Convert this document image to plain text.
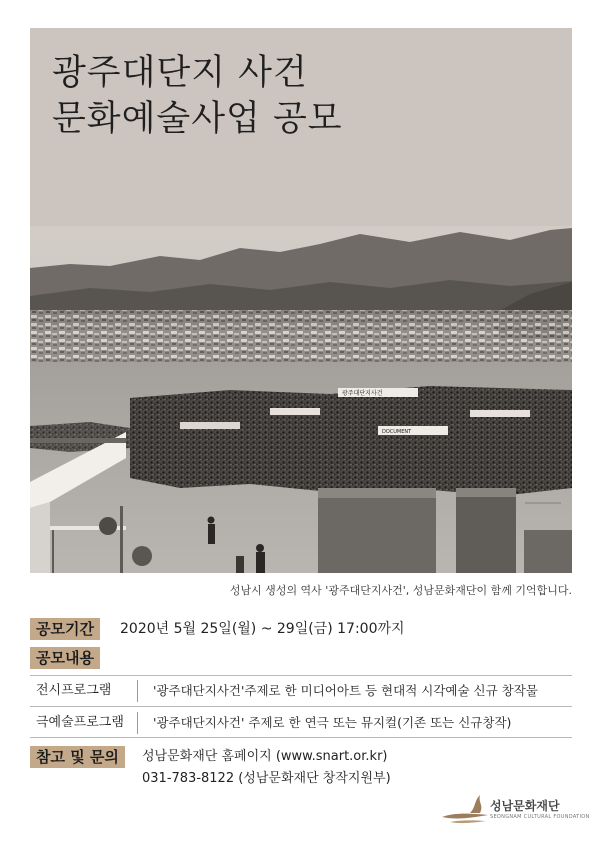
광주대단지 사건
문화예술사업 공모
광주대단지사건
DOCUMENT
성남시 생성의 역사 '광주대단지사건', 성남문화재단이 함께 기억합니다.
공모기간	2020년 5월 25일(월) ~ 29일(금) 17:00까지
공모내용
전시프로그램	'광주대단지사건'주제로 한 미디어아트 등 현대적 시각예술 신규 창작물
극예술프로그램 '광주대단지사건' 주제로 한 연극 또는 뮤지컬(기존 또는 신규창작)
참고 및 문의	성남문화재단 홈페이지 (www.snart.or.kr)
031-783-8122 (성남문화재단 창작지원부)
성남문화재단
SEONGNAM CULTURAL FOUNDATION
